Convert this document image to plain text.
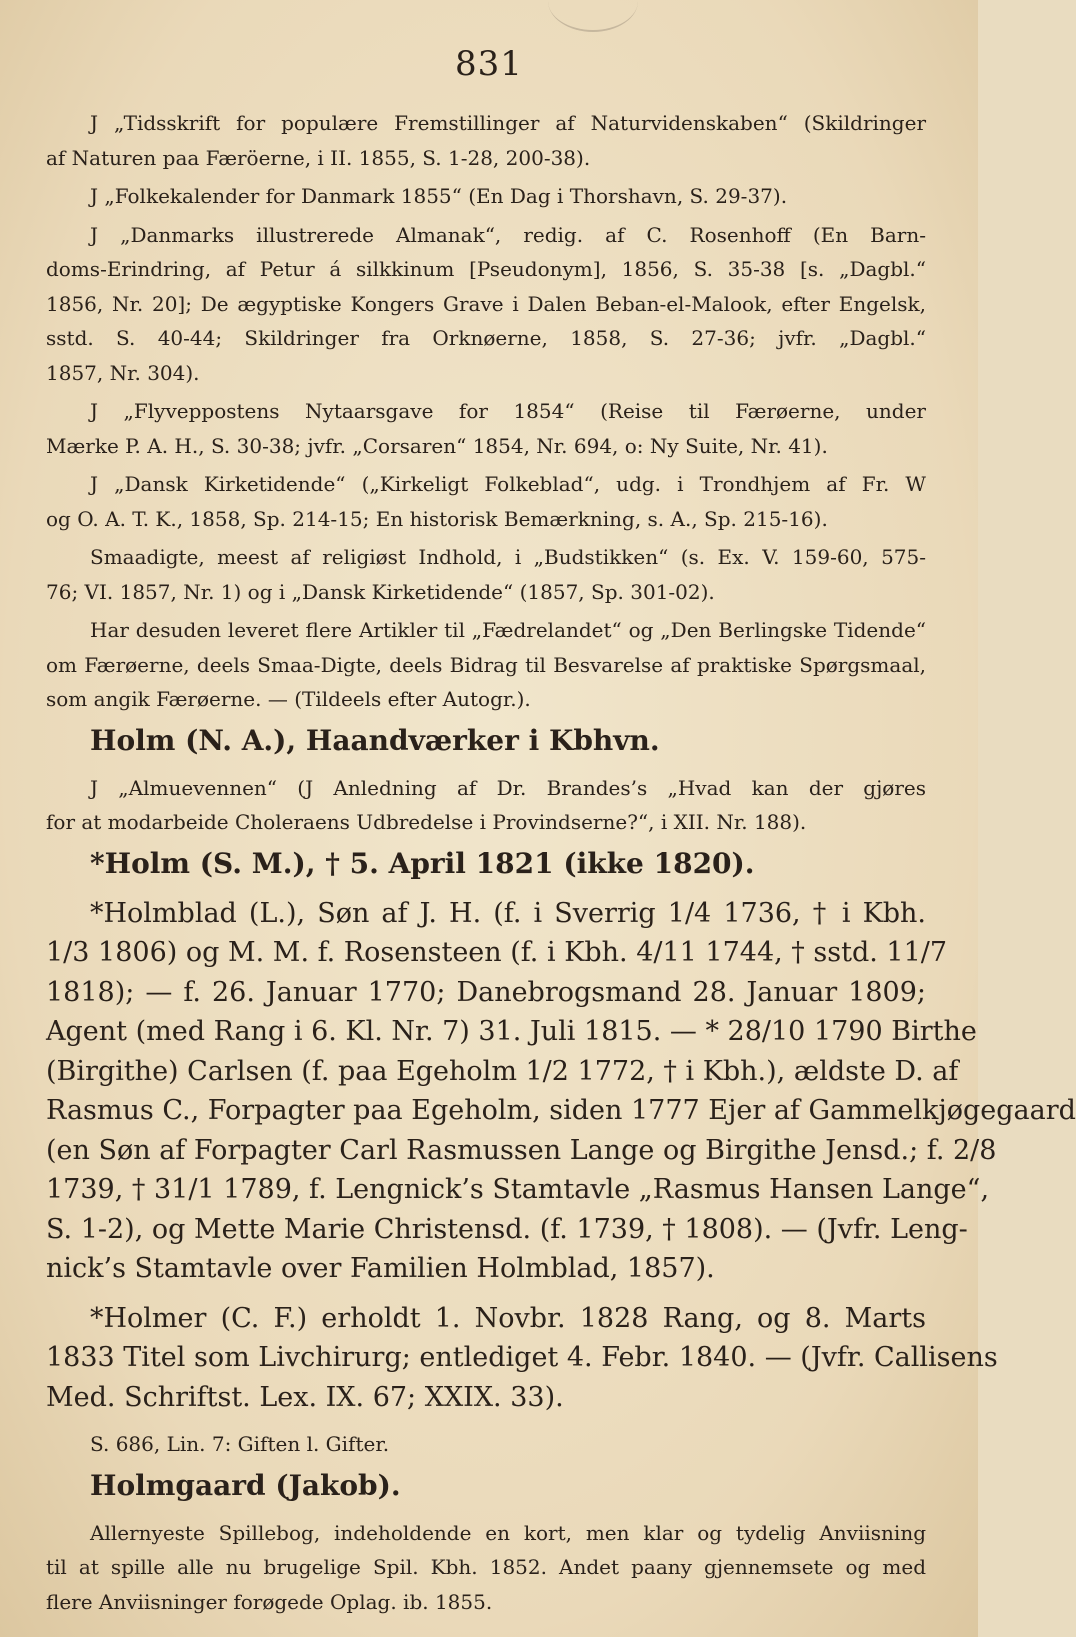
831
J „Tidsskrift for populære Fremstillinger af Naturvidenskaben“ (Skildringer
af Naturen paa Færöerne, i II. 1855, S. 1-28, 200-38).
J „Folkekalender for Danmark 1855“ (En Dag i Thorshavn, S. 29-37).
J „Danmarks illustrerede Almanak“, redig. af C. Rosenhoff (En Barn-
doms-Erindring, af Petur á silkkinum [Pseudonym], 1856, S. 35-38 [s. „Dagbl.“
1856, Nr. 20]; De ægyptiske Kongers Grave i Dalen Beban-el-Malook, efter Engelsk,
sstd. S. 40-44; Skildringer fra Orknøerne, 1858, S. 27-36; jvfr. „Dagbl.“
1857, Nr. 304).
J „Flyveppostens Nytaarsgave for 1854“ (Reise til Færøerne, under
Mærke P. A. H., S. 30-38; jvfr. „Corsaren“ 1854, Nr. 694, o: Ny Suite, Nr. 41).
J „Dansk Kirketidende“ („Kirkeligt Folkeblad“, udg. i Trondhjem af Fr. W
og O. A. T. K., 1858, Sp. 214-15; En historisk Bemærkning, s. A., Sp. 215-16).
Smaadigte, meest af religiøst Indhold, i „Budstikken“ (s. Ex. V. 159-60, 575-
76; VI. 1857, Nr. 1) og i „Dansk Kirketidende“ (1857, Sp. 301-02).
Har desuden leveret flere Artikler til „Fædrelandet“ og „Den Berlingske Tidende“
om Færøerne, deels Smaa-Digte, deels Bidrag til Besvarelse af praktiske Spørgsmaal,
som angik Færøerne. — (Tildeels efter Autogr.).
Holm (N. A.), Haandværker i Kbhvn.
J „Almuevennen“ (J Anledning af Dr. Brandes’s „Hvad kan der gjøres
for at modarbeide Choleraens Udbredelse i Provindserne?“, i XII. Nr. 188).
*Holm (S. M.), † 5. April 1821 (ikke 1820).
*Holmblad (L.), Søn af J. H. (f. i Sverrig 1/4 1736, † i Kbh.
1/3 1806) og M. M. f. Rosensteen (f. i Kbh. 4/11 1744, † sstd. 11/7
1818); — f. 26. Januar 1770; Danebrogsmand 28. Januar 1809;
Agent (med Rang i 6. Kl. Nr. 7) 31. Juli 1815. — * 28/10 1790 Birthe
(Birgithe) Carlsen (f. paa Egeholm 1/2 1772, † i Kbh.), ældste D. af
Rasmus C., Forpagter paa Egeholm, siden 1777 Ejer af Gammelkjøgegaard
(en Søn af Forpagter Carl Rasmussen Lange og Birgithe Jensd.; f. 2/8
1739, † 31/1 1789, f. Lengnick’s Stamtavle „Rasmus Hansen Lange“,
S. 1-2), og Mette Marie Christensd. (f. 1739, † 1808). — (Jvfr. Leng-
nick’s Stamtavle over Familien Holmblad, 1857).
*Holmer (C. F.) erholdt 1. Novbr. 1828 Rang, og 8. Marts
1833 Titel som Livchirurg; entlediget 4. Febr. 1840. — (Jvfr. Callisens
Med. Schriftst. Lex. IX. 67; XXIX. 33).
S. 686, Lin. 7: Giften l. Gifter.
Holmgaard (Jakob).
Allernyeste Spillebog, indeholdende en kort, men klar og tydelig Anviisning
til at spille alle nu brugelige Spil. Kbh. 1852. Andet paany gjennemsete og med
flere Anviisninger forøgede Oplag. ib. 1855.
